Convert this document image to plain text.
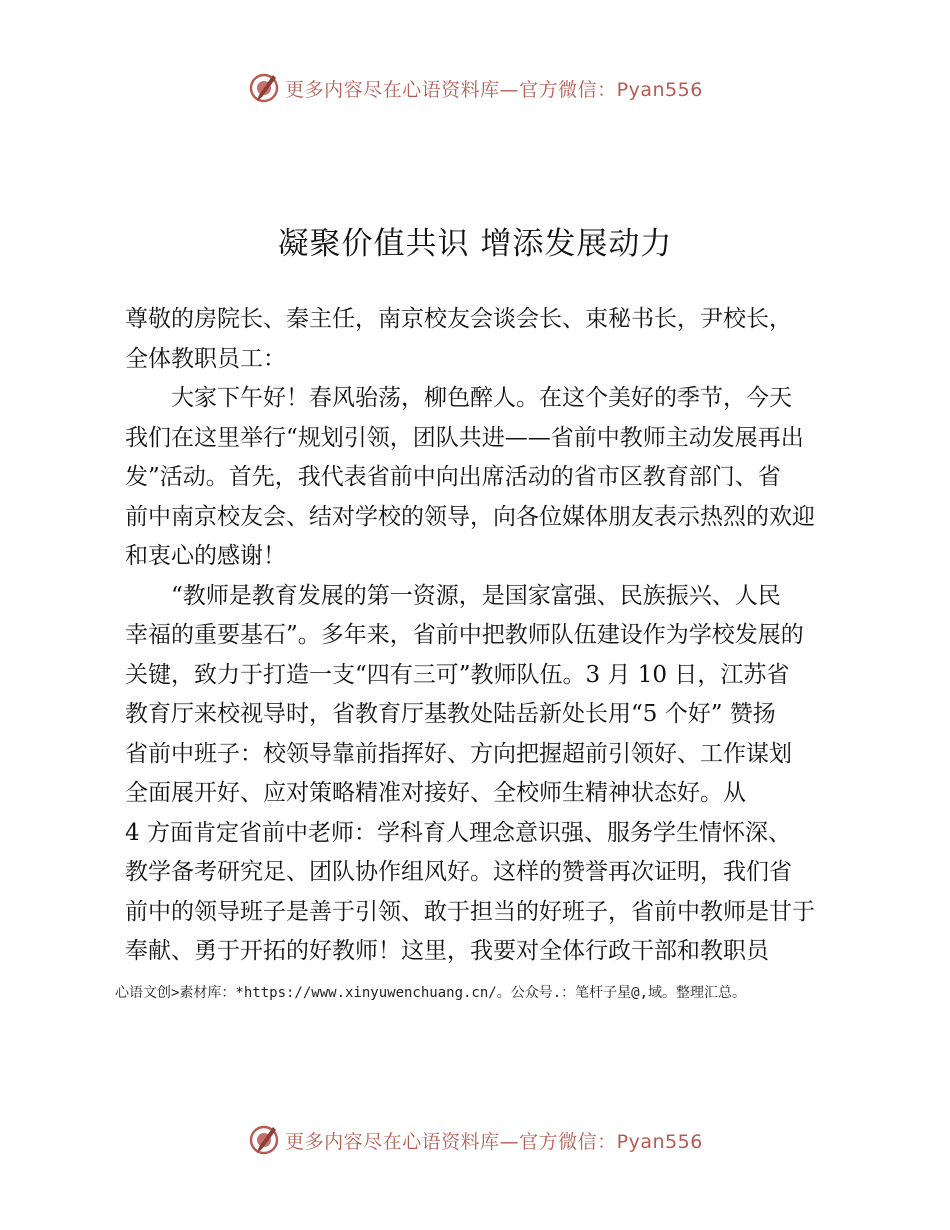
更多内容尽在心语资料库—官方微信：Pyan556
凝聚价值共识 增添发展动力
尊敬的房院长、秦主任，南京校友会谈会长、束秘书长，尹校长，
全体教职员工：
大家下午好！春风骀荡，柳色醉人。在这个美好的季节，今天
我们在这里举行“规划引领，团队共进——省前中教师主动发展再出
发”活动。首先，我代表省前中向出席活动的省市区教育部门、省
前中南京校友会、结对学校的领导，向各位媒体朋友表示热烈的欢迎
和衷心的感谢！
“教师是教育发展的第一资源，是国家富强、民族振兴、人民
幸福的重要基石”。多年来，省前中把教师队伍建设作为学校发展的
关键，致力于打造一支“四有三可”教师队伍。3 月 10 日，江苏省
教育厅来校视导时，省教育厅基教处陆岳新处长用“5 个好” 赞扬
省前中班子：校领导靠前指挥好、方向把握超前引领好、工作谋划
全面展开好、应对策略精准对接好、全校师生精神状态好。从
4 方面肯定省前中老师：学科育人理念意识强、服务学生情怀深、
教学备考研究足、团队协作组风好。这样的赞誉再次证明，我们省
前中的领导班子是善于引领、敢于担当的好班子，省前中教师是甘于
奉献、勇于开拓的好教师！这里，我要对全体行政干部和教职员
心语文创>素材库：*https://www.xinyuwenchuang.cn/。公众号.：笔杆子星@,域。整理汇总。
更多内容尽在心语资料库—官方微信：Pyan556
